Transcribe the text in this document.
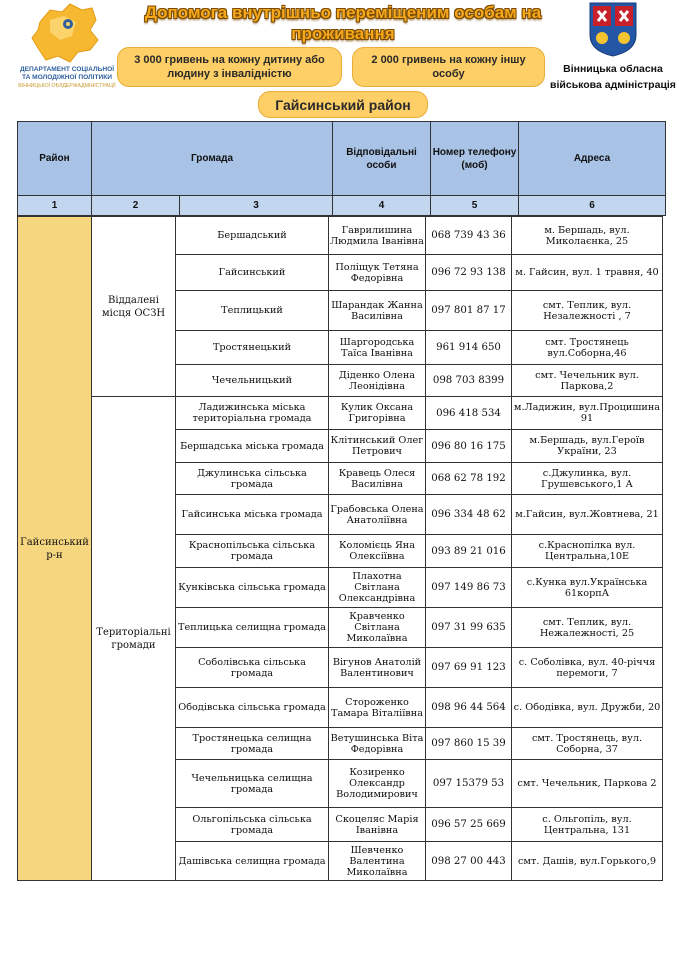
ДЕПАРТАМЕНТ СОЦІАЛЬНОЇ
ТА МОЛОДІЖНОЇ ПОЛІТИКИ
ВІННИЦЬКОЇ ОБЛДЕРЖАДМІНІСТРАЦІЇ
Допомога внутрішньо переміщеним особам на проживання
3 000 гривень на кожну дитину або людину з інвалідністю
2 000 гривень на кожну іншу особу
Гайсинський район
Вінницька обласна
військова адміністрація
Район	Громада		Відповідальні особи	Номер телефону (моб)	Адреса
1	2	3	4	5	6
Гайсинський р-н	Віддалені місця ОСЗН	Бершадський	Гаврилишина Людмила Іванівна	068 739 43 36	м. Бершадь, вул. Миколаєнка, 25
		Гайсинський	Поліщук Тетяна Федорівна	096 72 93 138	м. Гайсин, вул. 1 травня, 40
		Теплицький	Шарандак Жанна Василівна	097 801 87 17	смт. Теплик, вул. Незалежності , 7
		Тростянецький	Шаргородська Таїса Іванівна	961 914 650	смт. Тростянець вул.Соборна,46
		Чечельницький	Діденко Олена Леонідівна	098 703 8399	смт. Чечельник вул. Паркова,2
	Територіальні громади	Ладижинська міська територіальна громада	Кулик Оксана Григорівна	096 418 534	м.Ладижин, вул.Процишина 91
		Бершадська міська громада	Клітинський Олег Петрович	096 80 16 175	м.Бершадь, вул.Героїв України, 23
		Джулинська сільська громада	Кравець Олеся Василівна	068 62 78 192	с.Джулинка, вул. Грушевського,1 А
		Гайсинська міська громада	Грабовська Олена Анатоліївна	096 334 48 62	м.Гайсин, вул.Жовтнева, 21
		Краснопільська сільська громада	Коломієць Яна Олексіївна	093 89 21 016	с.Краснопілка вул. Центральна,10Е
		Кунківська сільська громада	Плахотна Світлана Олександрівна	097 149 86 73	с.Кунка вул.Українська 61корпА
		Теплицька селищна громада	Кравченко Світлана Миколаївна	097 31 99 635	смт. Теплик, вул. Нежалежності, 25
		Соболівська сільська громада	Вігунов Анатолій Валентинович	097 69 91 123	с. Соболівка, вул. 40-річчя перемоги, 7
		Ободівська сільська громада	Стороженко Тамара Віталіївна	098 96 44 564	с. Ободівка, вул. Дружби, 20
		Тростянецька селищна громада	Ветушинська Віта Федорівна	097 860 15 39	смт. Тростянець, вул. Соборна, 37
		Чечельницька селищна громада	Козиренко Олександр Володимирович	097 15379 53	смт. Чечельник, Паркова 2
		Ольгопільська сільська громада	Скоцеляс Марія Іванівна	096 57 25 669	с. Ольгопіль, вул. Центральна, 131
		Дашівська селищна громада	Шевченко Валентина Миколаївна	098 27 00 443	смт. Дашів, вул.Горького,9
